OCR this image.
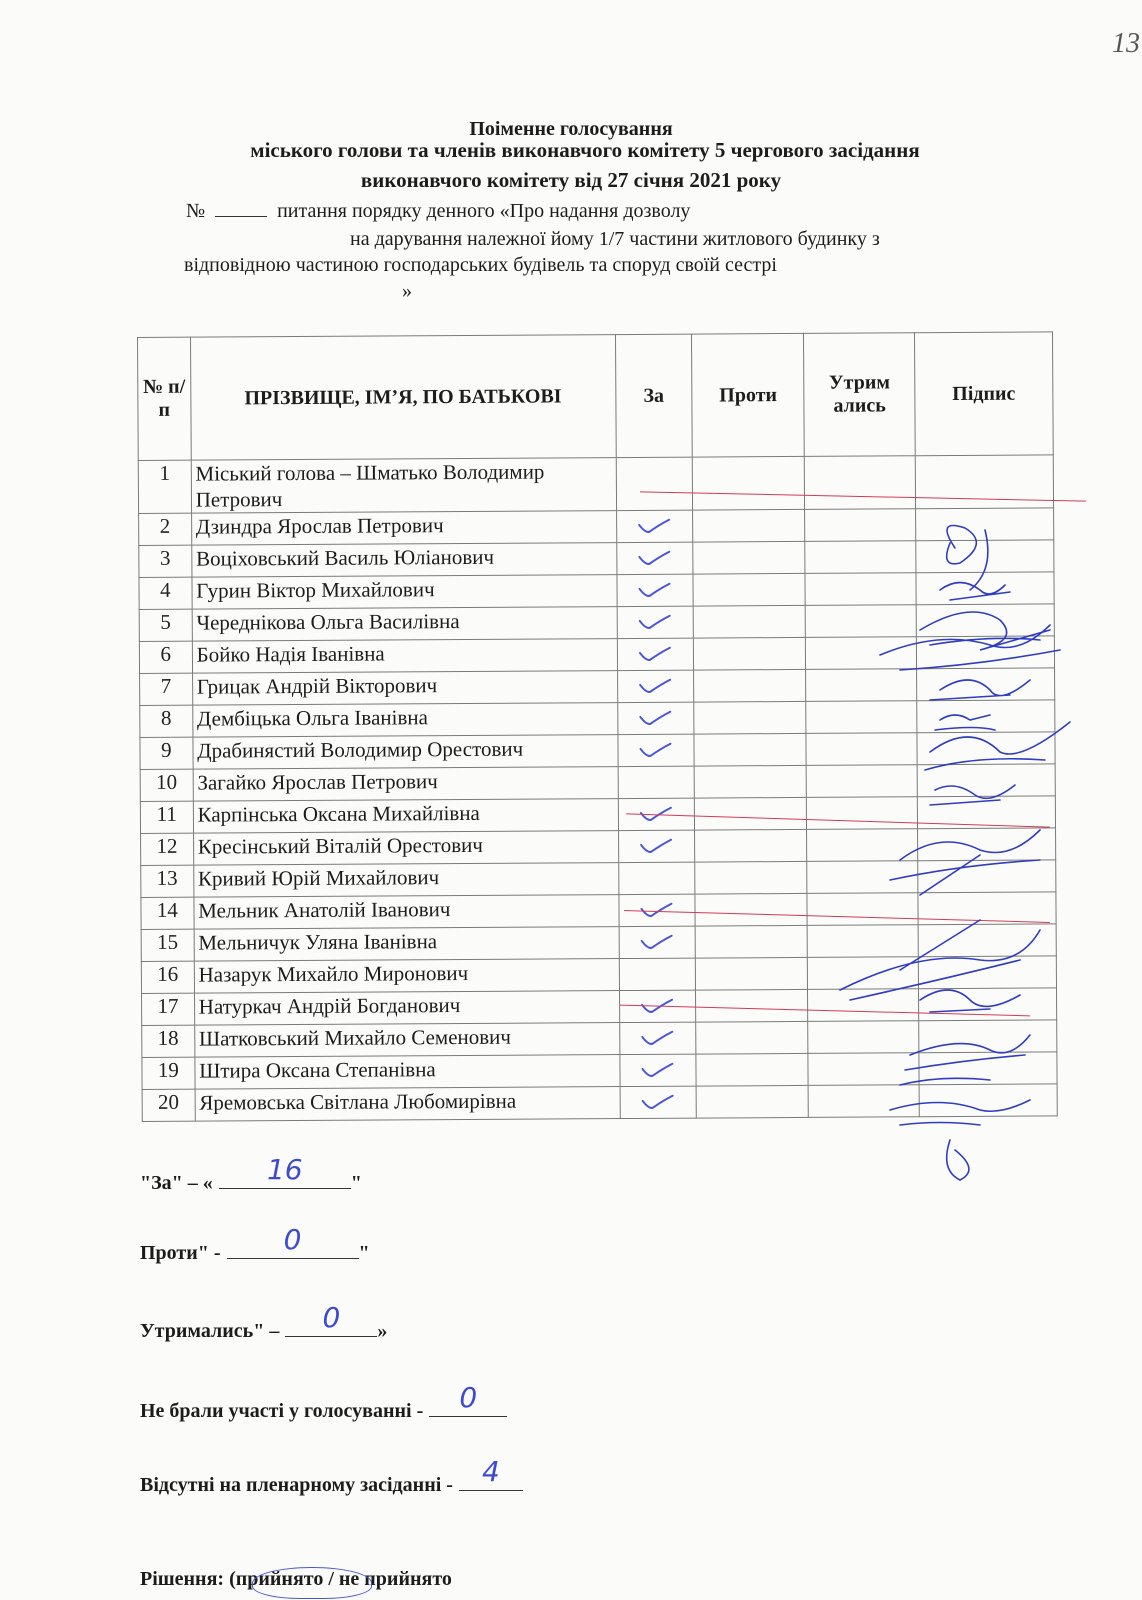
13
Поіменне голосування
міського голови та членів виконавчого комітету 5 чергового засідання
виконавчого комітету від 27 січня 2021 року
№	питання порядку денного «Про надання дозволу
на дарування належної йому 1/7 частини житлового будинку з
відповідною частиною господарських будівель та споруд своїй сестрі
»
№ п/ п	ПРІЗВИЩЕ, ІМ’Я, ПО БАТЬКОВІ	За	Проти	Утрим ались	Підпис
1	Міський голова – Шматько Володимир Петрович				
2	Дзиндра Ярослав Петрович	

3	Воціховський Василь Юліанович	

4	Гурин Віктор Михайлович	

5	Череднікова Ольга Василівна	

6	Бойко Надія Іванівна	

7	Грицак Андрій Вікторович	

8	Дембіцька Ольга Іванівна	

9	Драбинястий Володимир Орестович	

10	Загайко Ярослав Петрович				
11	Карпінська Оксана Михайлівна	

12	Кресінський Віталій Орестович	

13	Кривий Юрій Михайлович				
14	Мельник Анатолій Іванович	

15	Мельничук Уляна Іванівна	

16	Назарук Михайло Миронович				
17	Натуркач Андрій Богданович	

18	Шатковський Михайло Семенович	

19	Штира Оксана Степанівна	

20	Яремовська Світлана Любомирівна	

"За" – « 16 "
Проти" - 0	"
Утримались" – 0 »
Не брали участі у голосуванні - 0
Відсутні на пленарному засіданні - 4
Рішення: (прийнято / не прийнято
